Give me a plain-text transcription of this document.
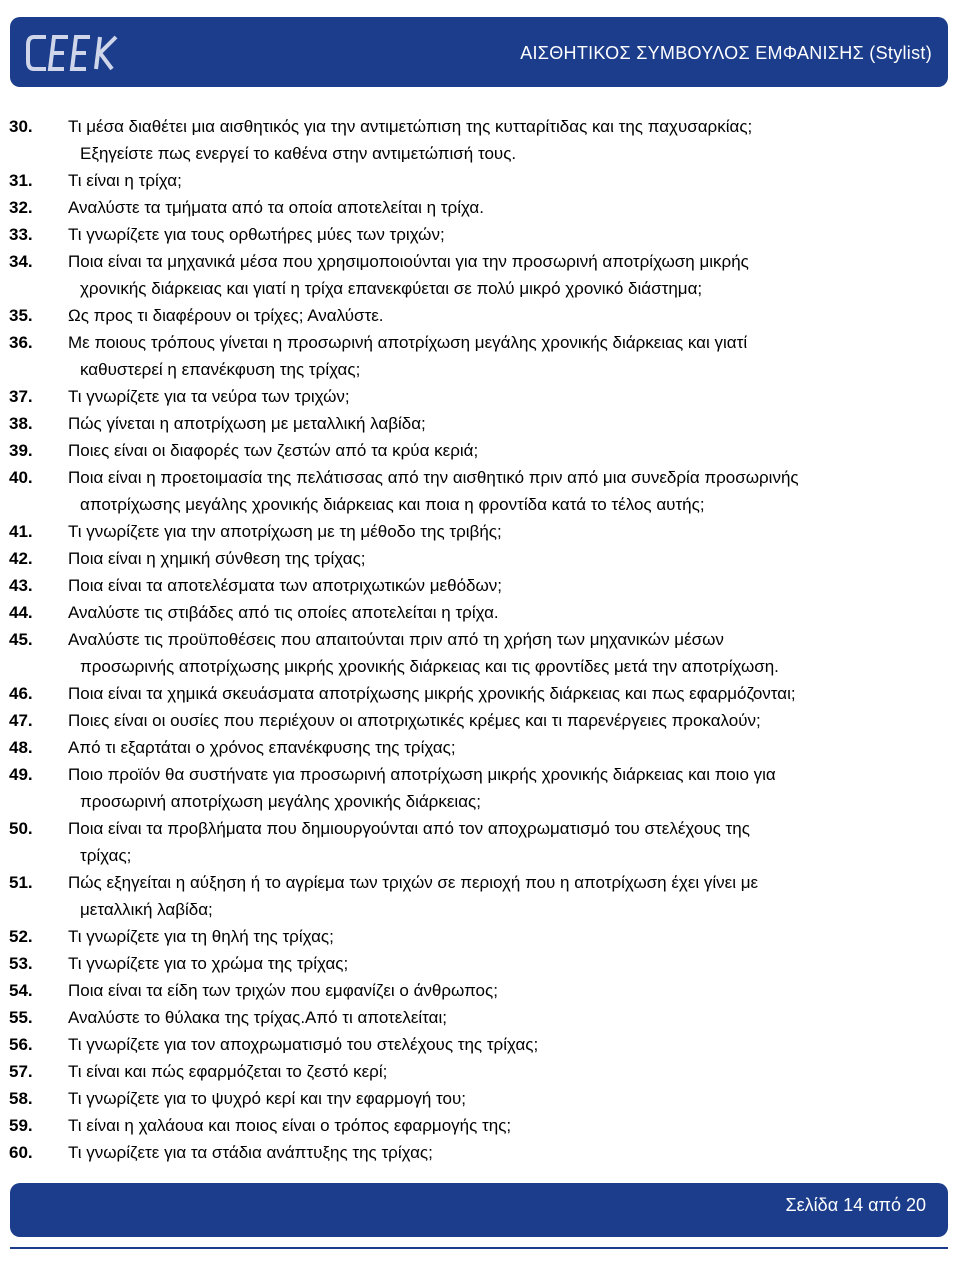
ΑΙΣΘΗΤΙΚΟΣ ΣΥΜΒΟΥΛΟΣ ΕΜΦΑΝΙΣΗΣ (Stylist)
30.	Τι μέσα διαθέτει μια αισθητικός για την αντιμετώπιση της κυτταρίτιδας και της παχυσαρκίας;
Εξηγείστε πως ενεργεί το καθένα στην αντιμετώπισή τους.
31.	Τι είναι η τρίχα;
32.	Αναλύστε τα τμήματα από τα οποία αποτελείται η τρίχα.
33.	Τι γνωρίζετε για τους ορθωτήρες μύες των τριχών;
34.	Ποια είναι τα μηχανικά μέσα που χρησιμοποιούνται για την προσωρινή αποτρίχωση μικρής
χρονικής διάρκειας και γιατί η τρίχα επανεκφύεται σε πολύ μικρό χρονικό διάστημα;
35.	Ως προς τι διαφέρουν οι τρίχες; Αναλύστε.
36.	Με ποιους τρόπους γίνεται η προσωρινή αποτρίχωση μεγάλης χρονικής διάρκειας και γιατί
καθυστερεί η επανέκφυση της τρίχας;
37.	Τι γνωρίζετε για τα νεύρα των τριχών;
38.	Πώς γίνεται η αποτρίχωση με μεταλλική λαβίδα;
39.	Ποιες είναι οι διαφορές των ζεστών από τα κρύα κεριά;
40.	Ποια είναι η προετοιμασία της πελάτισσας από την αισθητικό πριν από μια συνεδρία προσωρινής
αποτρίχωσης μεγάλης χρονικής διάρκειας και ποια η φροντίδα κατά το τέλος αυτής;
41.	Τι γνωρίζετε για την αποτρίχωση με τη μέθοδο της τριβής;
42.	Ποια είναι η χημική σύνθεση της τρίχας;
43.	Ποια είναι τα αποτελέσματα των αποτριχωτικών μεθόδων;
44.	Αναλύστε τις στιβάδες από τις οποίες αποτελείται η τρίχα.
45.	Αναλύστε τις προϋποθέσεις που απαιτούνται πριν από τη χρήση των μηχανικών μέσων
προσωρινής αποτρίχωσης μικρής χρονικής διάρκειας και τις φροντίδες μετά την αποτρίχωση.
46.	Ποια είναι τα χημικά σκευάσματα αποτρίχωσης μικρής χρονικής διάρκειας και πως εφαρμόζονται;
47.	Ποιες είναι οι ουσίες που περιέχουν οι αποτριχωτικές κρέμες και τι παρενέργειες προκαλούν;
48.	Από τι εξαρτάται ο χρόνος επανέκφυσης της τρίχας;
49.	Ποιο προϊόν θα συστήνατε για προσωρινή αποτρίχωση μικρής χρονικής διάρκειας και ποιο για
προσωρινή αποτρίχωση μεγάλης χρονικής διάρκειας;
50.	Ποια είναι τα προβλήματα που δημιουργούνται από τον αποχρωματισμό του στελέχους της
τρίχας;
51.	Πώς εξηγείται η αύξηση ή το αγρίεμα των τριχών σε περιοχή που η αποτρίχωση έχει γίνει με
μεταλλική λαβίδα;
52.	Τι γνωρίζετε για τη θηλή της τρίχας;
53.	Τι γνωρίζετε για το χρώμα της τρίχας;
54.	Ποια είναι τα είδη των τριχών που εμφανίζει ο άνθρωπος;
55.	Αναλύστε το θύλακα της τρίχας.Από τι αποτελείται;
56.	Τι γνωρίζετε για τον αποχρωματισμό του στελέχους της τρίχας;
57.	Τι είναι και πώς εφαρμόζεται το ζεστό κερί;
58.	Τι γνωρίζετε για το ψυχρό κερί και την εφαρμογή του;
59.	Τι είναι η χαλάουα και ποιος είναι ο τρόπος εφαρμογής της;
60.	Τι γνωρίζετε για τα στάδια ανάπτυξης της τρίχας;
Σελίδα 14 από 20
